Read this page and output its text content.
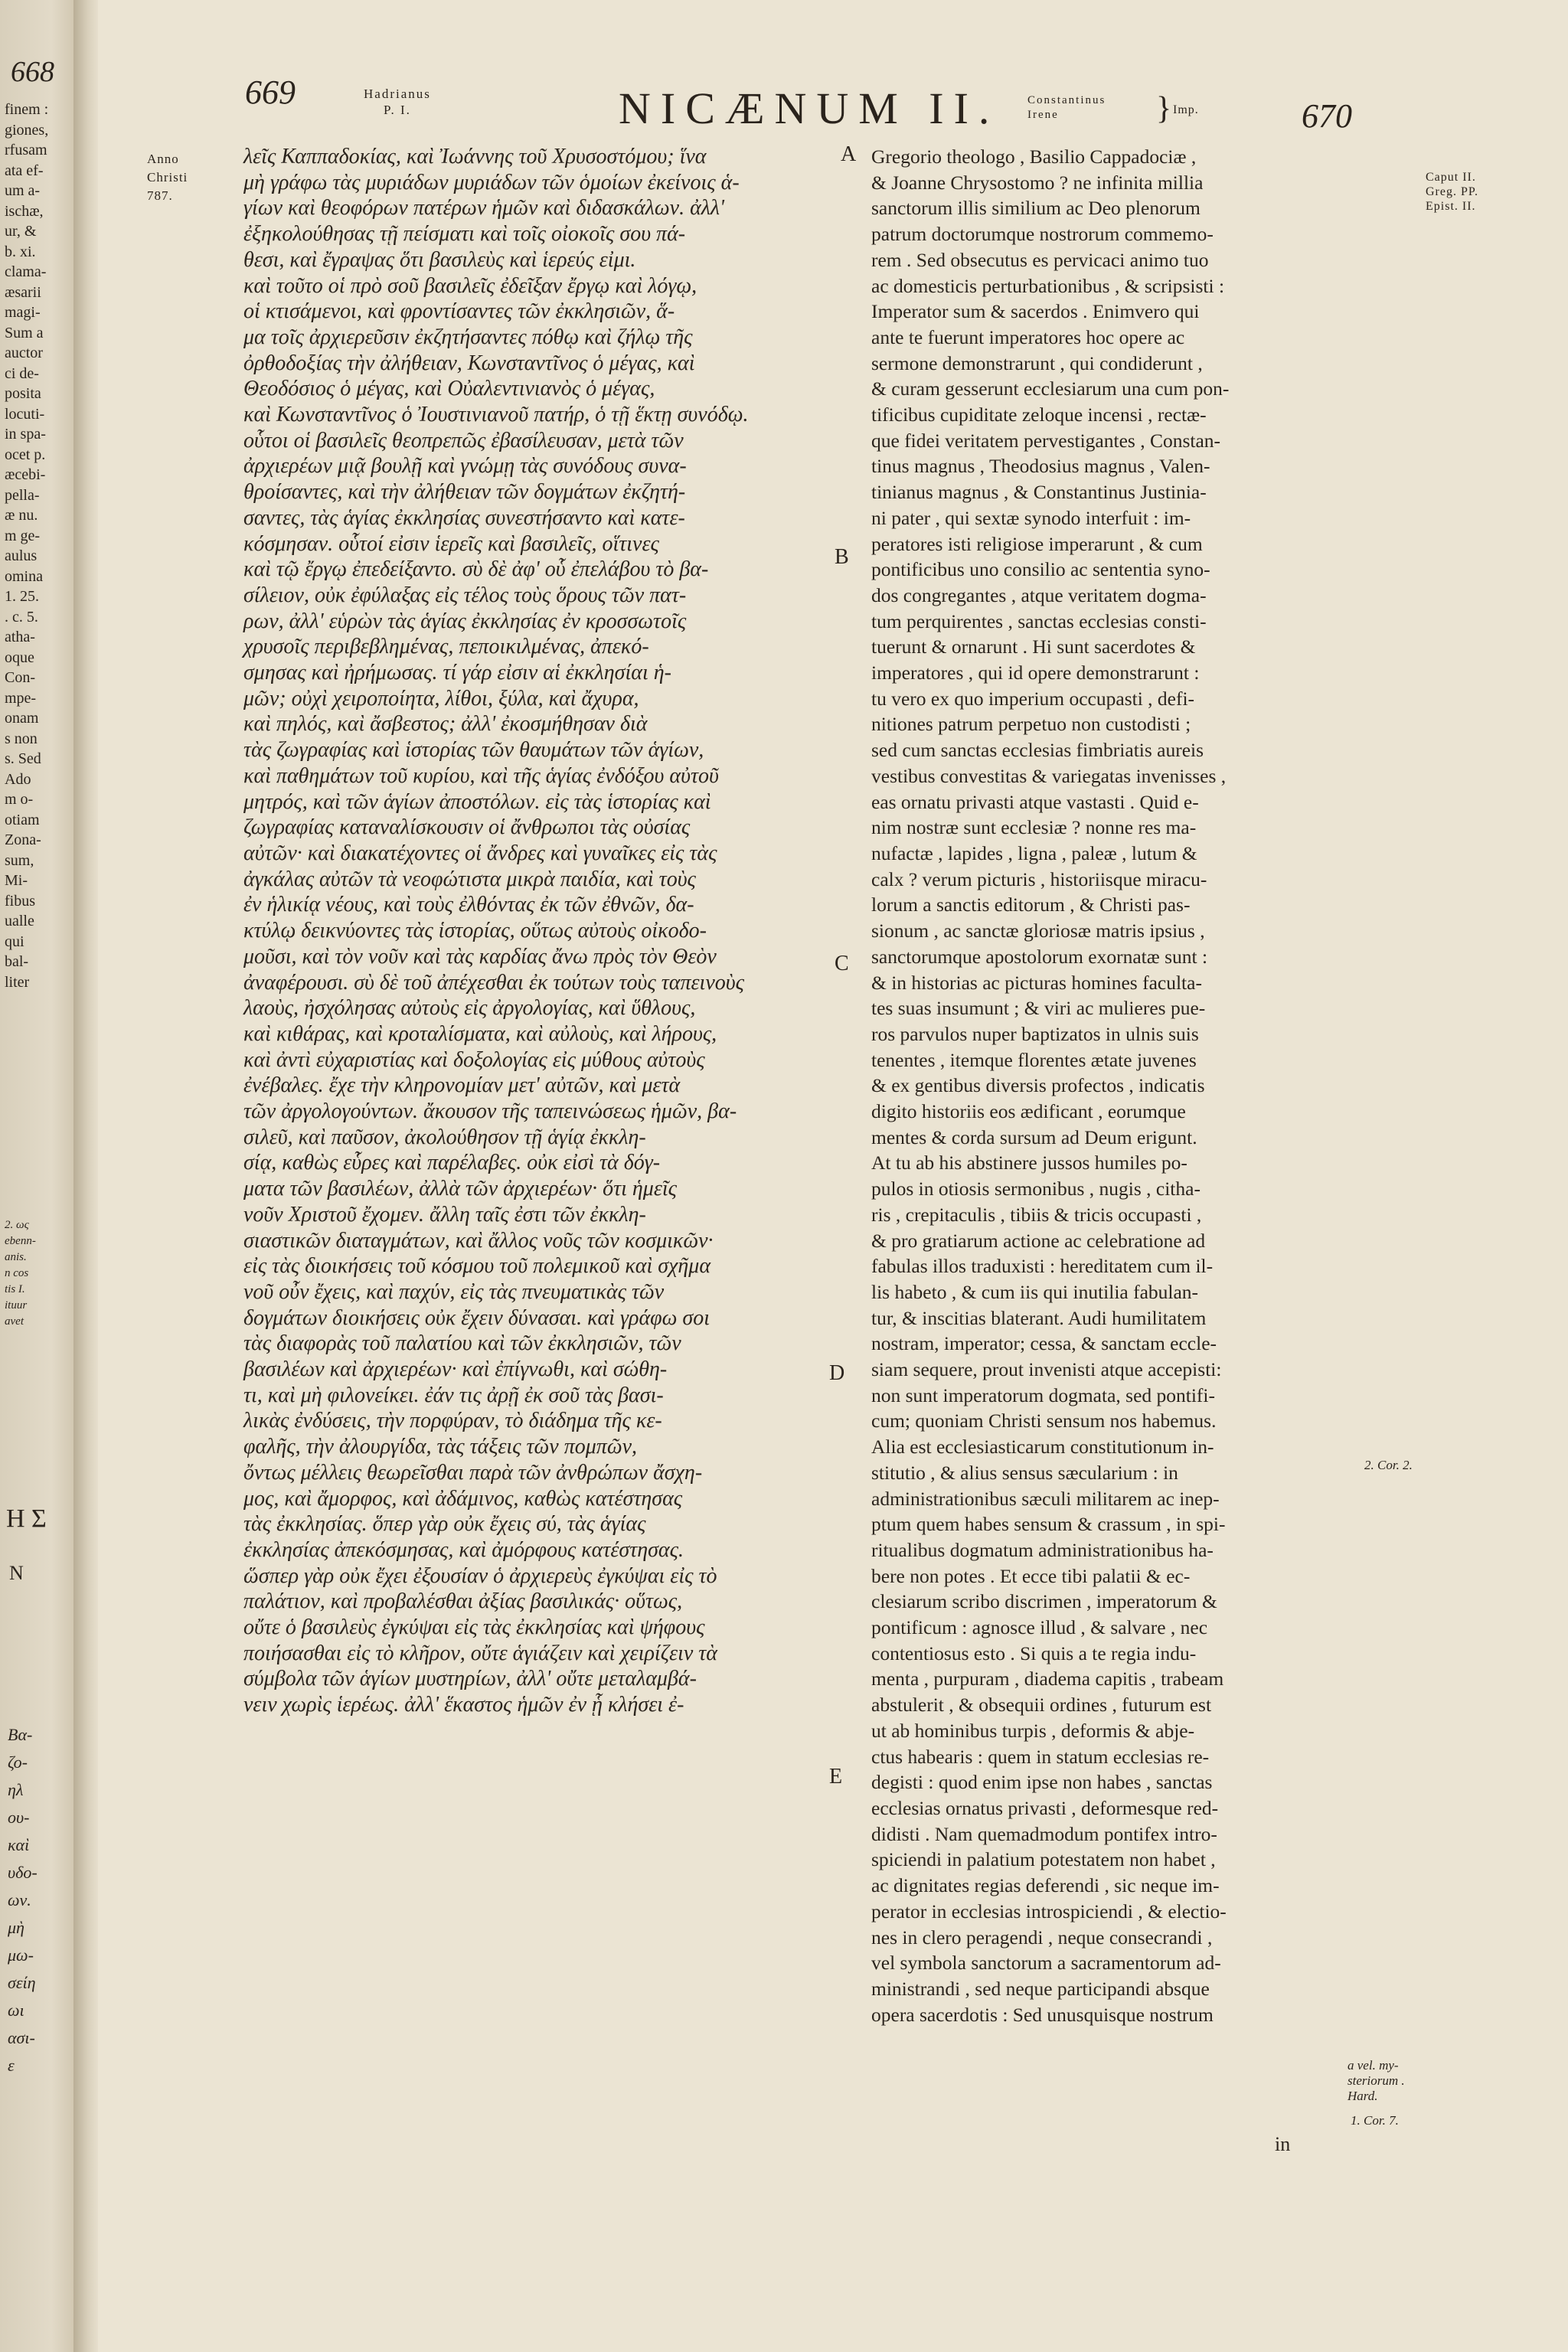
668
finem :
giones,
rfusam
ata ef-
um a-
ischæ,
ur, &
b. xi.
clama-
æsarii
magi-
Sum a
auctor
ci de-
posita
locuti-
in spa-
ocet p.
æcebi-
pella-
æ nu.
m ge-
aulus
omina
1. 25.
. c. 5.
atha-
oque
Con-
mpe-
onam
s non
s. Sed
Ado
m o-
otiam
Zona-
sum,
Mi-
fibus
ualle
qui
bal-
liter
2. ως
ebenn-
anis.
n cos
tis I.
ituur
avet
Η Σ
N
Βα-
ζο-
ηλ
ου-
καὶ
υδο-
ων.
μὴ
μω-
σείη
ωι
ασι-
ε
669	Hadrianus
P. I.	NICÆNUM II. Constantinus
Irene	} Imp.	670
Anno
Christi
787.
λεῖς Καππαδοκίας, καὶ Ἰωάννης τοῦ Χρυσοστόμου; ἵνα
μὴ γράφω τὰς μυριάδων μυριάδων τῶν ὁμοίων ἐκείνοις ἁ-
γίων καὶ θεοφόρων πατέρων ἡμῶν καὶ διδασκάλων. ἀλλ'
ἐξηκολούθησας τῇ πείσματι καὶ τοῖς οἰοκοῖς σου πά-
θεσι, καὶ ἔγραψας ὅτι βασιλεὺς καὶ ἱερεύς εἰμι.
καὶ τοῦτο οἱ πρὸ σοῦ βασιλεῖς ἐδεῖξαν ἔργῳ καὶ λόγῳ,
οἱ κτισάμενοι, καὶ φροντίσαντες τῶν ἐκκλησιῶν, ἅ-
μα τοῖς ἀρχιερεῦσιν ἐκζητήσαντες πόθῳ καὶ ζήλῳ τῆς
ὀρθοδοξίας τὴν ἀλήθειαν, Κωνσταντῖνος ὁ μέγας, καὶ
Θεοδόσιος ὁ μέγας, καὶ Οὐαλεντινιανὸς ὁ μέγας,
καὶ Κωνσταντῖνος ὁ Ἰουστινιανοῦ πατήρ, ὁ τῇ ἕκτῃ συνόδῳ.
οὗτοι οἱ βασιλεῖς θεοπρεπῶς ἐβασίλευσαν, μετὰ τῶν
ἀρχιερέων μιᾷ βουλῇ καὶ γνώμῃ τὰς συνόδους συνα-
θροίσαντες, καὶ τὴν ἀλήθειαν τῶν δογμάτων ἐκζητή-
σαντες, τὰς ἁγίας ἐκκλησίας συνεστήσαντο καὶ κατε-
κόσμησαν. οὗτοί εἰσιν ἱερεῖς καὶ βασιλεῖς, οἵτινες
καὶ τῷ ἔργῳ ἐπεδείξαντο. σὺ δὲ ἀφ' οὗ ἐπελάβου τὸ βα-
σίλειον, οὐκ ἐφύλαξας εἰς τέλος τοὺς ὅρους τῶν πατ-
ρων, ἀλλ' εὑρὼν τὰς ἁγίας ἐκκλησίας ἐν κροσσωτοῖς
χρυσοῖς περιβεβλημένας, πεποικιλμένας, ἀπεκό-
σμησας καὶ ἠρήμωσας. τί γάρ εἰσιν αἱ ἐκκλησίαι ἡ-
μῶν; οὐχὶ χειροποίητα, λίθοι, ξύλα, καὶ ἄχυρα,
καὶ πηλός, καὶ ἄσβεστος; ἀλλ' ἐκοσμήθησαν διὰ
τὰς ζωγραφίας καὶ ἱστορίας τῶν θαυμάτων τῶν ἁγίων,
καὶ παθημάτων τοῦ κυρίου, καὶ τῆς ἁγίας ἐνδόξου αὐτοῦ
μητρός, καὶ τῶν ἁγίων ἀποστόλων. εἰς τὰς ἱστορίας καὶ
ζωγραφίας καταναλίσκουσιν οἱ ἄνθρωποι τὰς οὐσίας
αὐτῶν· καὶ διακατέχοντες οἱ ἄνδρες καὶ γυναῖκες εἰς τὰς
ἀγκάλας αὐτῶν τὰ νεοφώτιστα μικρὰ παιδία, καὶ τοὺς
ἐν ἡλικίᾳ νέους, καὶ τοὺς ἐλθόντας ἐκ τῶν ἐθνῶν, δα-
κτύλῳ δεικνύοντες τὰς ἱστορίας, οὕτως αὐτοὺς οἰκοδο-
μοῦσι, καὶ τὸν νοῦν καὶ τὰς καρδίας ἄνω πρὸς τὸν Θεὸν
ἀναφέρουσι. σὺ δὲ τοῦ ἀπέχεσθαι ἐκ τούτων τοὺς ταπεινοὺς
λαοὺς, ἠσχόλησας αὐτοὺς εἰς ἀργολογίας, καὶ ὕθλους,
καὶ κιθάρας, καὶ κροταλίσματα, καὶ αὐλοὺς, καὶ λήρους,
καὶ ἀντὶ εὐχαριστίας καὶ δοξολογίας εἰς μύθους αὐτοὺς
ἐνέβαλες. ἔχε τὴν κληρονομίαν μετ' αὐτῶν, καὶ μετὰ
τῶν ἀργολογούντων. ἄκουσον τῆς ταπεινώσεως ἡμῶν, βα-
σιλεῦ, καὶ παῦσον, ἀκολούθησον τῇ ἁγίᾳ ἐκκλη-
σίᾳ, καθὼς εὗρες καὶ παρέλαβες. οὐκ εἰσὶ τὰ δόγ-
ματα τῶν βασιλέων, ἀλλὰ τῶν ἀρχιερέων· ὅτι ἡμεῖς
νοῦν Χριστοῦ ἔχομεν. ἄλλη ταῖς ἐστι τῶν ἐκκλη-
σιαστικῶν διαταγμάτων, καὶ ἄλλος νοῦς τῶν κοσμικῶν·
εἰς τὰς διοικήσεις τοῦ κόσμου τοῦ πολεμικοῦ καὶ σχῆμα
νοῦ οὖν ἔχεις, καὶ παχύν, εἰς τὰς πνευματικὰς τῶν
δογμάτων διοικήσεις οὐκ ἔχειν δύνασαι. καὶ γράφω σοι
τὰς διαφορὰς τοῦ παλατίου καὶ τῶν ἐκκλησιῶν, τῶν
βασιλέων καὶ ἀρχιερέων· καὶ ἐπίγνωθι, καὶ σώθη-
τι, καὶ μὴ φιλονείκει. ἐάν τις ἀρῇ ἐκ σοῦ τὰς βασι-
λικὰς ἐνδύσεις, τὴν πορφύραν, τὸ διάδημα τῆς κε-
φαλῆς, τὴν ἀλουργίδα, τὰς τάξεις τῶν πομπῶν,
ὄντως μέλλεις θεωρεῖσθαι παρὰ τῶν ἀνθρώπων ἄσχη-
μος, καὶ ἄμορφος, καὶ ἀδάμινος, καθὼς κατέστησας
τὰς ἐκκλησίας. ὅπερ γὰρ οὐκ ἔχεις σύ, τὰς ἁγίας
ἐκκλησίας ἀπεκόσμησας, καὶ ἀμόρφους κατέστησας.
ὥσπερ γὰρ οὐκ ἔχει ἐξουσίαν ὁ ἀρχιερεὺς ἐγκύψαι εἰς τὸ
παλάτιον, καὶ προβαλέσθαι ἀξίας βασιλικάς· οὕτως,
οὔτε ὁ βασιλεὺς ἐγκύψαι εἰς τὰς ἐκκλησίας καὶ ψήφους
ποιήσασθαι εἰς τὸ κλῆρον, οὔτε ἁγιάζειν καὶ χειρίζειν τὰ
σύμβολα τῶν ἁγίων μυστηρίων, ἀλλ' οὔτε μεταλαμβά-
νειν χωρὶς ἱερέως. ἀλλ' ἕκαστος ἡμῶν ἐν ᾗ κλήσει ἐ-
Gregorio theologo , Basilio Cappadociæ ,
& Joanne Chrysostomo ? ne infinita millia
sanctorum illis similium ac Deo plenorum
patrum doctorumque nostrorum commemo-
rem . Sed obsecutus es pervicaci animo tuo
ac domesticis perturbationibus , & scripsisti :
Imperator sum & sacerdos . Enimvero qui
ante te fuerunt imperatores hoc opere ac
sermone demonstrarunt , qui condiderunt ,
& curam gesserunt ecclesiarum una cum pon-
tificibus cupiditate zeloque incensi , rectæ-
que fidei veritatem pervestigantes , Constan-
tinus magnus , Theodosius magnus , Valen-
tinianus magnus , & Constantinus Justinia-
ni pater , qui sextæ synodo interfuit : im-
peratores isti religiose imperarunt , & cum
pontificibus uno consilio ac sententia syno-
dos congregantes , atque veritatem dogma-
tum perquirentes , sanctas ecclesias consti-
tuerunt & ornarunt . Hi sunt sacerdotes &
imperatores , qui id opere demonstrarunt :
tu vero ex quo imperium occupasti , defi-
nitiones patrum perpetuo non custodisti ;
sed cum sanctas ecclesias fimbriatis aureis
vestibus convestitas & variegatas invenisses ,
eas ornatu privasti atque vastasti . Quid e-
nim nostræ sunt ecclesiæ ? nonne res ma-
nufactæ , lapides , ligna , paleæ , lutum &
calx ? verum picturis , historiisque miracu-
lorum a sanctis editorum , & Christi pas-
sionum , ac sanctæ gloriosæ matris ipsius ,
sanctorumque apostolorum exornatæ sunt :
& in historias ac picturas homines faculta-
tes suas insumunt ; & viri ac mulieres pue-
ros parvulos nuper baptizatos in ulnis suis
tenentes , itemque florentes ætate juvenes
& ex gentibus diversis profectos , indicatis
digito historiis eos ædificant , eorumque
mentes & corda sursum ad Deum erigunt.
At tu ab his abstinere jussos humiles po-
pulos in otiosis sermonibus , nugis , citha-
ris , crepitaculis , tibiis & tricis occupasti ,
& pro gratiarum actione ac celebratione ad
fabulas illos traduxisti : hereditatem cum il-
lis habeto , & cum iis qui inutilia fabulan-
tur, & inscitias blaterant. Audi humilitatem
nostram, imperator; cessa, & sanctam eccle-
siam sequere, prout invenisti atque accepisti:
non sunt imperatorum dogmata, sed pontifi-
cum; quoniam Christi sensum nos habemus.
Alia est ecclesiasticarum constitutionum in-
stitutio , & alius sensus sæcularium : in
administrationibus sæculi militarem ac inep-
ptum quem habes sensum & crassum , in spi-
ritualibus dogmatum administrationibus ha-
bere non potes . Et ecce tibi palatii & ec-
clesiarum scribo discrimen , imperatorum &
pontificum : agnosce illud , & salvare , nec
contentiosus esto . Si quis a te regia indu-
menta , purpuram , diadema capitis , trabeam
abstulerit , & obsequii ordines , futurum est
ut ab hominibus turpis , deformis & abje-
ctus habearis : quem in statum ecclesias re-
degisti : quod enim ipse non habes , sanctas
ecclesias ornatus privasti , deformesque red-
didisti . Nam quemadmodum pontifex intro-
spiciendi in palatium potestatem non habet ,
ac dignitates regias deferendi , sic neque im-
perator in ecclesias introspiciendi , & electio-
nes in clero peragendi , neque consecrandi ,
vel symbola sanctorum a sacramentorum ad-
ministrandi , sed neque participandi absque
opera sacerdotis : Sed unusquisque nostrum
A
B
C
D
E
Caput II.
Greg. PP.
Epist. II.
2. Cor. 2.
a vel. my-
steriorum .
Hard.
1. Cor. 7.
in
